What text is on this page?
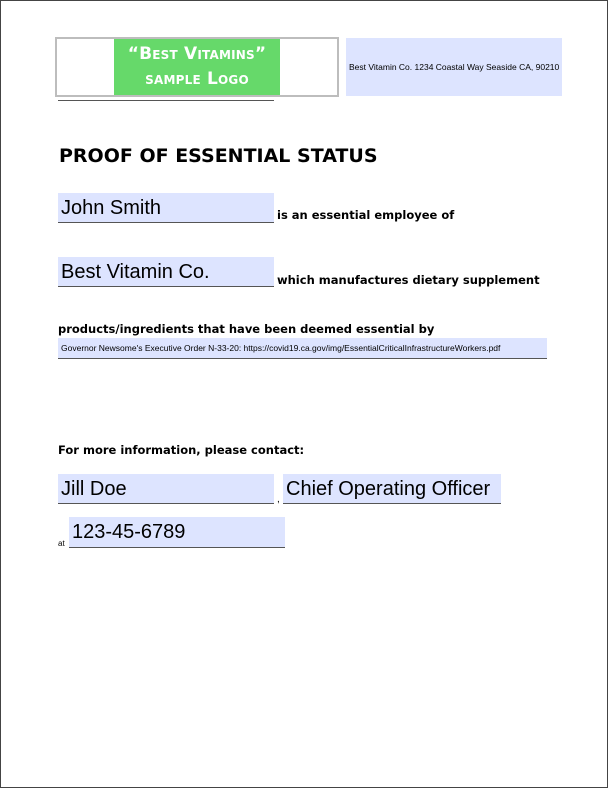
“Best Vitamins”
sample Logo
Best Vitamin Co. 1234 Coastal Way Seaside CA, 90210
PROOF OF ESSENTIAL STATUS
John Smith	is an essential employee of
Best Vitamin Co.	which manufactures dietary supplement
products/ingredients that have been deemed essential by
Governor Newsome's Executive Order N-33-20: https://covid19.ca.gov/img/EssentialCriticalInfrastructureWorkers.pdf
For more information, please contact:
Jill Doe	, Chief Operating Officer
at
123-45-6789
